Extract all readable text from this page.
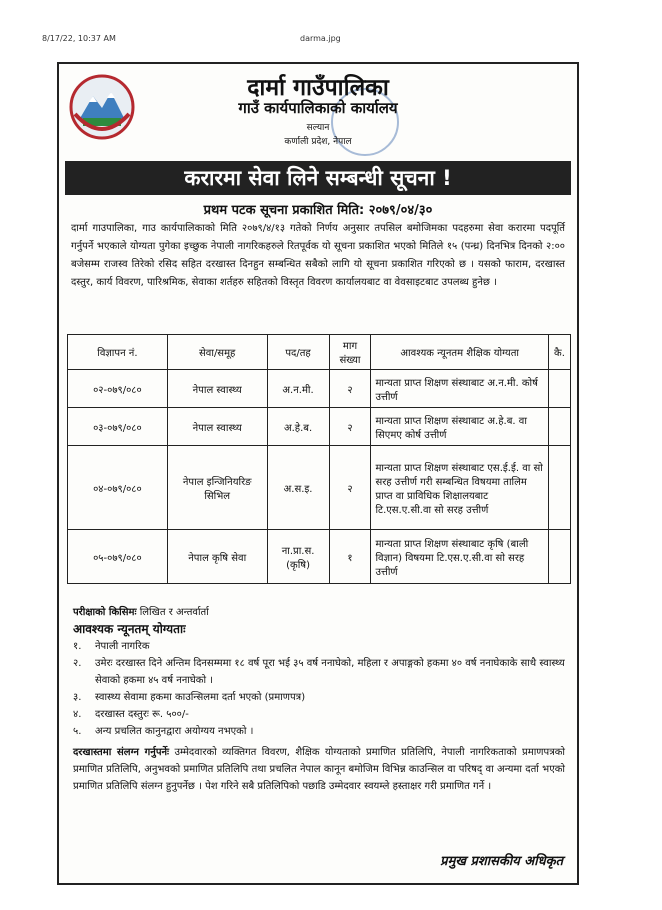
8/17/22, 10:37 AM	darma.jpg
दार्मा गाउँपालिका
गाउँ कार्यपालिकाको कार्यालय
सल्यान
कर्णाली प्रदेश, नेपाल
करारमा सेवा लिने सम्बन्धी सूचना !
प्रथम पटक सूचना प्रकाशित मिति: २०७९/०४/३०
दार्मा गाउपालिका, गाउ कार्यपालिकाको मिति २०७९/४/१३ गतेको निर्णय अनुसार तपसिल बमोजिमका पदहरुमा सेवा करारमा पदपूर्ति गर्नुपर्ने भएकाले योग्यता पुगेका इच्छुक नेपाली नागरिकहरुले रितपूर्वक यो सूचना प्रकाशित भएको मितिले १५ (पन्ध्र) दिनभित्र दिनको २:०० बजेसम्म राजस्व तिरेको रसिद सहित दरखास्त दिनहुन सम्बन्धित सबैको लागि यो सूचना प्रकाशित गरिएको छ । यसको फाराम, दरखास्त दस्तुर, कार्य विवरण, पारिश्रमिक, सेवाका शर्तहरु सहितको विस्तृत विवरण कार्यालयबाट वा वेवसाइटबाट उपलब्ध हुनेछ ।
विज्ञापन नं.	सेवा/समूह	पद/तह	माग संख्या	आवश्यक न्यूनतम शैक्षिक योग्यता	कै.
०२-०७९/०८०	नेपाल स्वास्थ्य	अ.न.मी.	२	मान्यता प्राप्त शिक्षण संस्थाबाट अ.न.मी. कोर्ष उत्तीर्ण	
०३-०७९/०८०	नेपाल स्वास्थ्य	अ.हे.ब.	२	मान्यता प्राप्त शिक्षण संस्थाबाट अ.हे.ब. वा सिएमए कोर्ष उत्तीर्ण	
०४-०७९/०८०	नेपाल इन्जिनियरिङ सिभिल	अ.स.इ.	२	मान्यता प्राप्त शिक्षण संस्थाबाट एस.ई.ई. वा सो सरह उत्तीर्ण गरी सम्बन्धित विषयमा तालिम प्राप्त वा प्राविधिक शिक्षालयबाट टि.एस.ए.सी.वा सो सरह उत्तीर्ण	
०५-०७९/०८०	नेपाल कृषि सेवा	ना.प्रा.स. (कृषि)	१	मान्यता प्राप्त शिक्षण संस्थाबाट कृषि (बाली विज्ञान) विषयमा टि.एस.ए.सी.वा सो सरह उत्तीर्ण	
परीक्षाको किसिमः लिखित र अन्तर्वार्ता
आवश्यक न्यूनतम् योग्यताः
१. नेपाली नागरिक
२. उमेरः दरखास्त दिने अन्तिम दिनसम्ममा १८ वर्ष पूरा भई ३५ वर्ष ननाघेको, महिला र अपाङ्गको हकमा ४० वर्ष ननाघेकाके साथै स्वास्थ्य सेवाको हकमा ४५ वर्ष ननाघेको ।
३. स्वास्थ्य सेवामा हकमा काउन्सिलमा दर्ता भएको (प्रमाणपत्र)
४. दरखास्त दस्तुरः रू. ५००/-
५. अन्य प्रचलित कानुनद्वारा अयोग्यय नभएको ।
दरखास्तमा संलग्न गर्नुपर्नेः उम्मेदवारको व्यक्तिगत विवरण, शैक्षिक योग्यताको प्रमाणित प्रतिलिपि, नेपाली नागरिकताको प्रमाणपत्रको प्रमाणित प्रतिलिपि, अनुभवको प्रमाणित प्रतिलिपि तथा प्रचलित नेपाल कानून बमोजिम विभिन्न काउन्सिल वा परिषद् वा अन्यमा दर्ता भएको प्रमाणित प्रतिलिपि संलग्न हुनुपर्नेछ । पेश गरिने सबै प्रतिलिपिको पछाडि उम्मेदवार स्वयम्ले हस्ताक्षर गरी प्रमाणित गर्ने ।
प्रमुख प्रशासकीय अधिकृत
